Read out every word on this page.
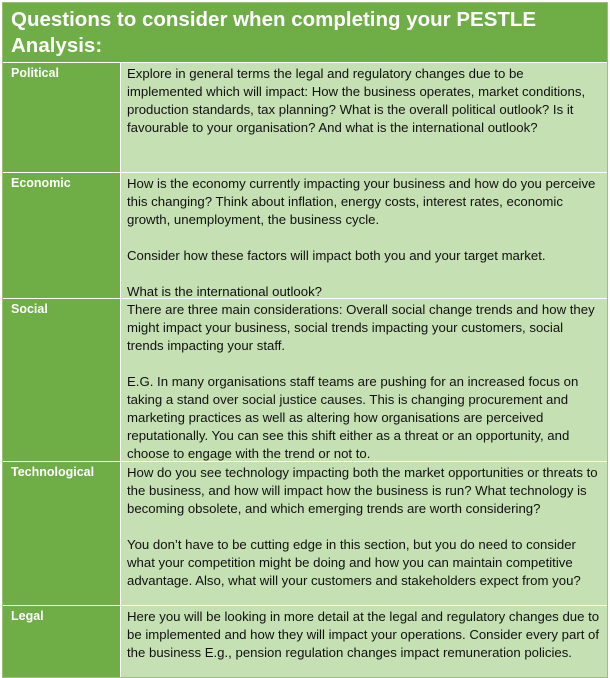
Questions to consider when completing your PESTLE Analysis:
Political	Explore in general terms the legal and regulatory changes due to be implemented which will impact: How the business operates, market conditions, production standards, tax planning? What is the overall political outlook? Is it favourable to your organisation? And what is the international outlook?

Economic	How is the economy currently impacting your business and how do you perceive this changing? Think about inflation, energy costs, interest rates, economic growth, unemployment, the business cycle.

Consider how these factors will impact both you and your target market.

What is the international outlook?

Social	There are three main considerations: Overall social change trends and how they might impact your business, social trends impacting your customers, social trends impacting your staff.

E.G. In many organisations staff teams are pushing for an increased focus on taking a stand over social justice causes. This is changing procurement and marketing practices as well as altering how organisations are perceived reputationally. You can see this shift either as a threat or an opportunity, and choose to engage with the trend or not to.

Technological	How do you see technology impacting both the market opportunities or threats to the business, and how will impact how the business is run? What technology is becoming obsolete, and which emerging trends are worth considering?

You don’t have to be cutting edge in this section, but you do need to consider what your competition might be doing and how you can maintain competitive advantage. Also, what will your customers and stakeholders expect from you?

Legal	Here you will be looking in more detail at the legal and regulatory changes due to be implemented and how they will impact your operations. Consider every part of the business E.g., pension regulation changes impact remuneration policies.
